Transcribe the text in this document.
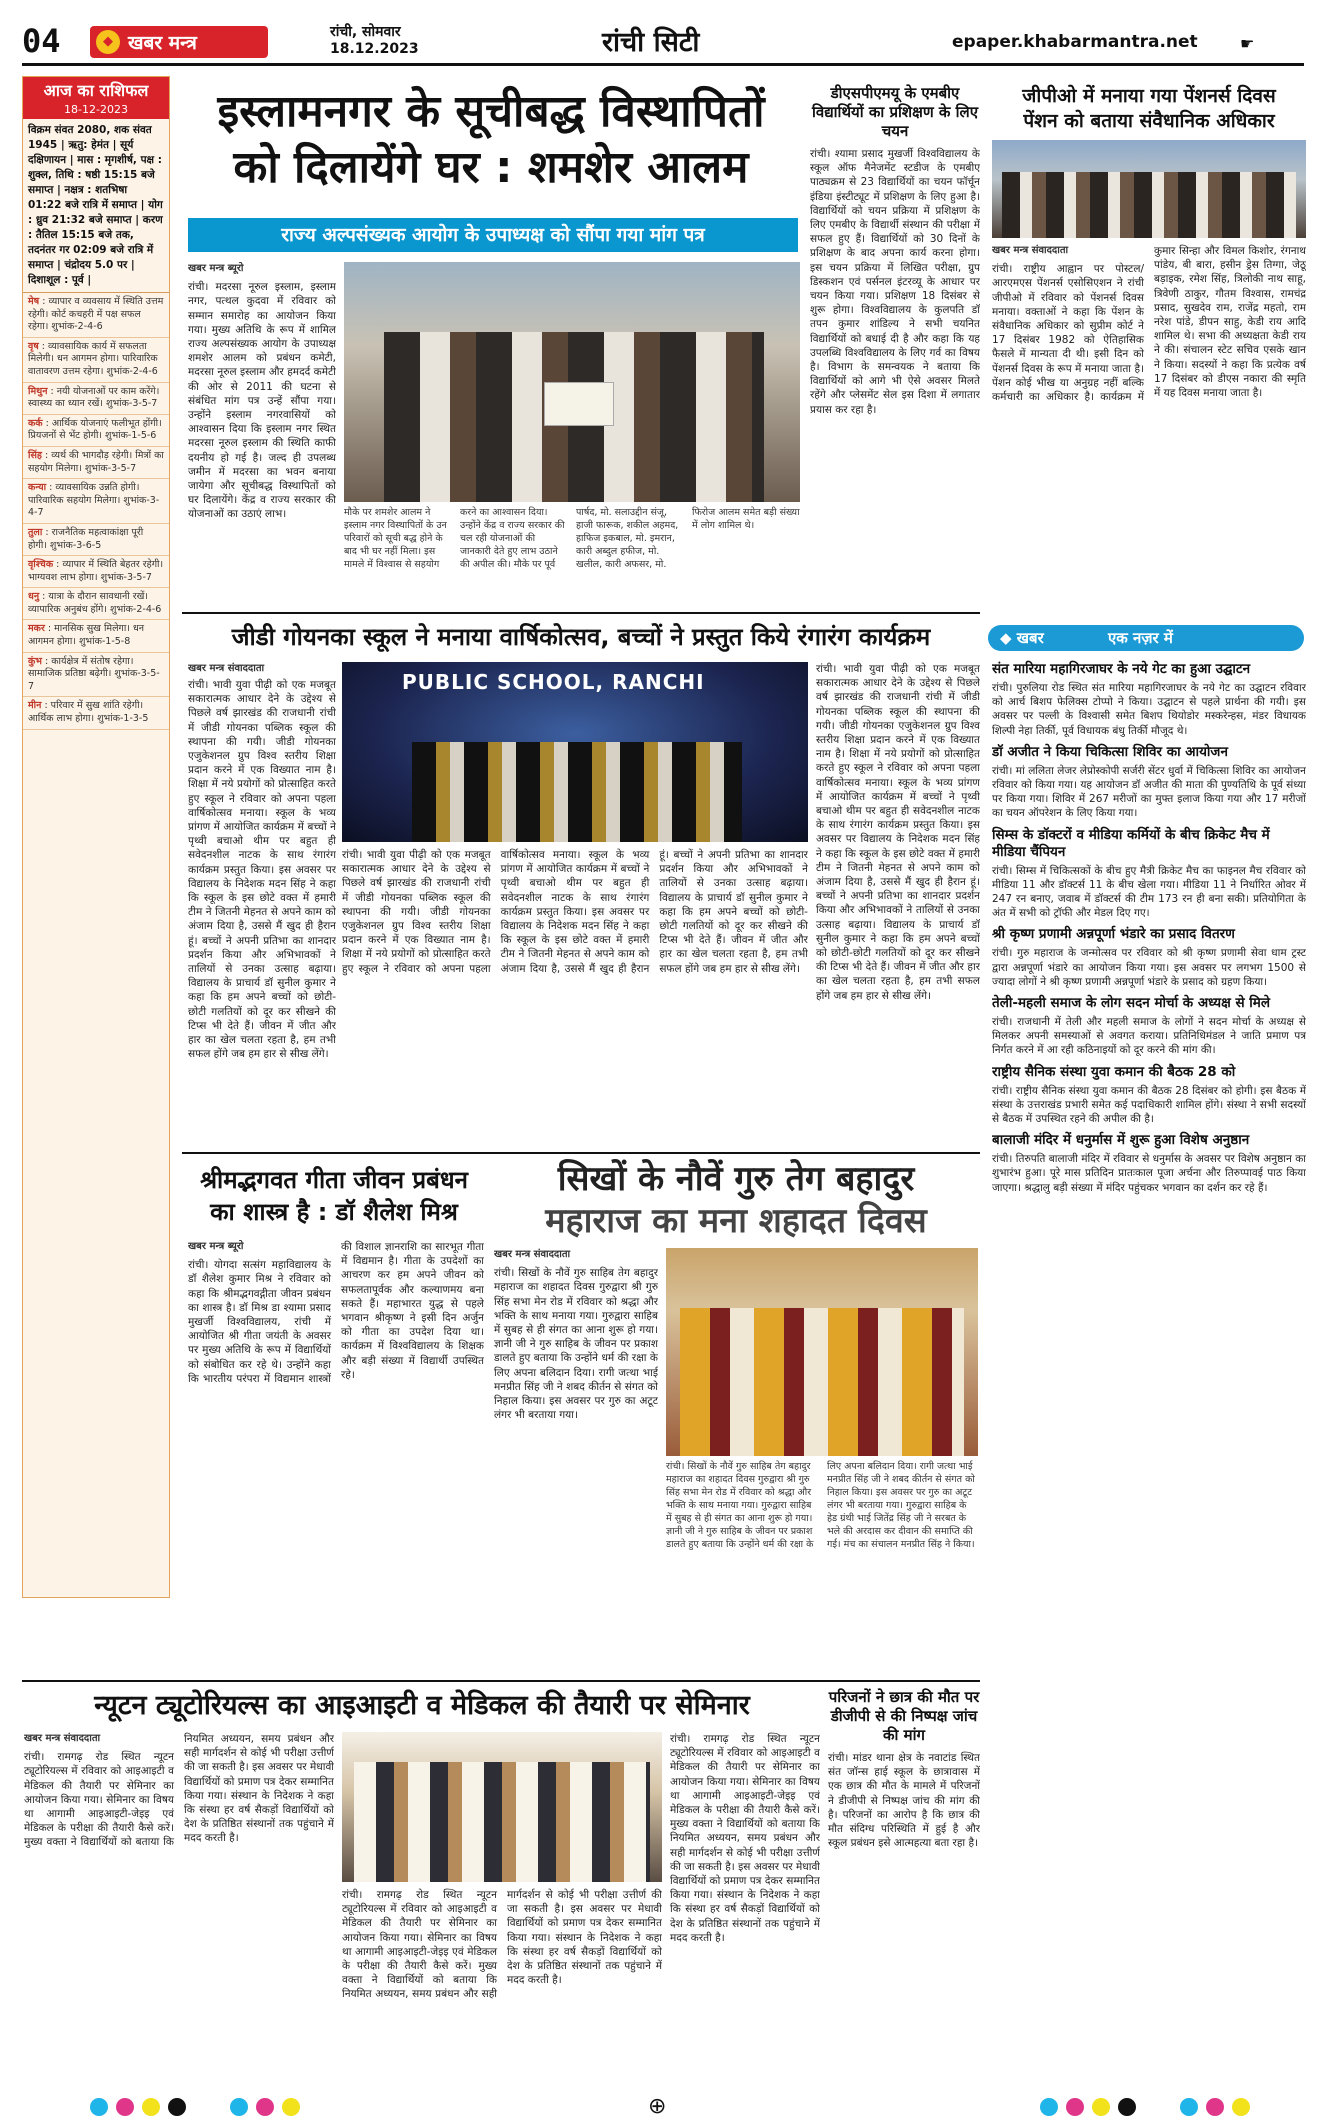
04	◆ खबर मन्त्र	रांची, सोमवार
18.12.2023	रांची सिटी	epaper.khabarmantra.net	☛
आज का राशिफल
18-12-2023
विक्रम संवत 2080, शक संवत 1945 | ऋतु: हेमंत | सूर्य दक्षिणायन | मास : मृगशीर्ष, पक्ष : शुक्ल, तिथि : षष्ठी 15:15 बजे समाप्त | नक्षत्र : शतभिषा 01:22 बजे रात्रि में समाप्त | योग : ध्रुव 21:32 बजे समाप्त | करण : तैतिल 15:15 बजे तक, तदनंतर गर 02:09 बजे रात्रि में समाप्त | चंद्रोदय 5.0 पर | दिशाशूल : पूर्व |
मेष : व्यापार व व्यवसाय में स्थिति उत्तम रहेगी। कोर्ट कचहरी में पक्ष सफल रहेगा। शुभांक-2-4-6
वृष : व्यावसायिक कार्य में सफलता मिलेगी। धन आगमन होगा। पारिवारिक वातावरण उत्तम रहेगा। शुभांक-2-4-6
मिथुन : नयी योजनाओं पर काम करेंगे। स्वास्थ्य का ध्यान रखें। शुभांक-3-5-7
कर्क : आर्थिक योजनाएं फलीभूत होंगी। प्रियजनों से भेंट होगी। शुभांक-1-5-6
सिंह : व्यर्थ की भागदौड़ रहेगी। मित्रों का सहयोग मिलेगा। शुभांक-3-5-7
कन्या : व्यावसायिक उन्नति होगी। पारिवारिक सहयोग मिलेगा। शुभांक-3-4-7
तुला : राजनैतिक महत्वाकांक्षा पूरी होगी। शुभांक-3-6-5
वृश्चिक : व्यापार में स्थिति बेहतर रहेगी। भाग्यवश लाभ होगा। शुभांक-3-5-7
धनु : यात्रा के दौरान सावधानी रखें। व्यापारिक अनुबंध होंगे। शुभांक-2-4-6
मकर : मानसिक सुख मिलेगा। धन आगमन होगा। शुभांक-1-5-8
कुंभ : कार्यक्षेत्र में संतोष रहेगा। सामाजिक प्रतिष्ठा बढ़ेगी। शुभांक-3-5-7
मीन : परिवार में सुख शांति रहेगी। आर्थिक लाभ होगा। शुभांक-1-3-5
इस्लामनगर के सूचीबद्ध विस्थापितों
को दिलायेंगे घर : शमशेर आलम
राज्य अल्पसंख्यक आयोग के उपाध्यक्ष को सौंपा गया मांग पत्र
खबर मन्त्र ब्यूरो
रांची। मदरसा नूरुल इस्लाम, इस्लाम नगर, पत्थल कुदवा में रविवार को सम्मान समारोह का आयोजन किया गया। मुख्य अतिथि के रूप में शामिल राज्य अल्पसंख्यक आयोग के उपाध्यक्ष शमशेर आलम को प्रबंधन कमेटी, मदरसा नूरुल इस्लाम और हमदर्द कमेटी की ओर से 2011 की घटना से संबंधित मांग पत्र उन्हें सौंपा गया। उन्होंने इस्लाम नगरवासियों को आश्वासन दिया कि इस्लाम नगर स्थित मदरसा नूरुल इस्लाम की स्थिति काफी दयनीय हो गई है। जल्द ही उपलब्ध जमीन में मदरसा का भवन बनाया जायेगा और सूचीबद्ध विस्थापितों को घर दिलायेंगे। केंद्र व राज्य सरकार की योजनाओं का उठाएं लाभ।	मौके पर शमशेर आलम ने इस्लाम नगर विस्थापितों के उन परिवारों को सूची बद्ध होने के बाद भी घर नहीं मिला। इस मामले में विश्वास से सहयोग करने का आश्वासन दिया। उन्होंने केंद्र व राज्य सरकार की चल रही योजनाओं की जानकारी देते हुए लाभ उठाने की अपील की। मौके पर पूर्व पार्षद, मो. सलाउद्दीन संजू, हाजी फारूक, शकील अहमद, हाफिज इकबाल, मो. इमरान, कारी अब्दुल हफीज, मो. खलील, कारी अफसर, मो. फिरोज आलम समेत बड़ी संख्या में लोग शामिल थे।
डीएसपीएमयू के एमबीए विद्यार्थियों का प्रशिक्षण के लिए चयन
रांची। श्यामा प्रसाद मुखर्जी विश्वविद्यालय के स्कूल ऑफ मैनेजमेंट स्टडीज के एमबीए पाठ्यक्रम से 23 विद्यार्थियों का चयन फॉर्चून इंडिया इंस्टीट्यूट में प्रशिक्षण के लिए हुआ है। विद्यार्थियों को चयन प्रक्रिया में प्रशिक्षण के लिए एमबीए के विद्यार्थी संस्थान की परीक्षा में सफल हुए हैं। विद्यार्थियों को 30 दिनों के प्रशिक्षण के बाद अपना कार्य करना होगा। इस चयन प्रक्रिया में लिखित परीक्षा, ग्रुप डिस्कशन एवं पर्सनल इंटरव्यू के आधार पर चयन किया गया। प्रशिक्षण 18 दिसंबर से शुरू होगा। विश्वविद्यालय के कुलपति डॉ तपन कुमार शांडिल्य ने सभी चयनित विद्यार्थियों को बधाई दी है और कहा कि यह उपलब्धि विश्वविद्यालय के लिए गर्व का विषय है। विभाग के समन्वयक ने बताया कि विद्यार्थियों को आगे भी ऐसे अवसर मिलते रहेंगे और प्लेसमेंट सेल इस दिशा में लगातार प्रयास कर रहा है।
जीपीओ में मनाया गया पेंशनर्स दिवस
पेंशन को बताया संवैधानिक अधिकार
खबर मन्त्र संवाददाता
रांची। राष्ट्रीय आह्वान पर पोस्टल/आरएमएस पेंशनर्स एसोसिएशन ने रांची जीपीओ में रविवार को पेंशनर्स दिवस मनाया। वक्ताओं ने कहा कि पेंशन के संवैधानिक अधिकार को सुप्रीम कोर्ट ने 17 दिसंबर 1982 को ऐतिहासिक फैसले में मान्यता दी थी। इसी दिन को पेंशनर्स दिवस के रूप में मनाया जाता है। पेंशन कोई भीख या अनुग्रह नहीं बल्कि कर्मचारी का अधिकार है। कार्यक्रम में कुमार सिन्हा और विमल किशोर, रंगनाथ पांडेय, बी बारा, हसीन ड्रेस तिग्गा, जेठू बड़ाइक, रमेश सिंह, त्रिलोकी नाथ साहू, त्रिवेणी ठाकुर, गौतम विश्वास, रामचंद्र प्रसाद, सुखदेव राम, राजेंद्र महतो, राम नरेश पांडे, डीपन साहु, केडी राय आदि शामिल थे। सभा की अध्यक्षता केडी राय ने की। संचालन स्टेट सचिव एसके खान ने किया। सदस्यों ने कहा कि प्रत्येक वर्ष 17 दिसंबर को डीएस नकारा की स्मृति में यह दिवस मनाया जाता है।
जीडी गोयनका स्कूल ने मनाया वार्षिकोत्सव, बच्चों ने प्रस्तुत किये रंगारंग कार्यक्रम
खबर मन्त्र संवाददाता
PUBLIC SCHOOL, RANCHI
रांची। भावी युवा पीढ़ी को एक मजबूत सकारात्मक आधार देने के उद्देश्य से पिछले वर्ष झारखंड की राजधानी रांची में जीडी गोयनका पब्लिक स्कूल की स्थापना की गयी। जीडी गोयनका एजुकेशनल ग्रुप विश्व स्तरीय शिक्षा प्रदान करने में एक विख्यात नाम है। शिक्षा में नये प्रयोगों को प्रोत्साहित करते हुए स्कूल ने रविवार को अपना पहला वार्षिकोत्सव मनाया। स्कूल के भव्य प्रांगण में आयोजित कार्यक्रम में बच्चों ने पृथ्वी बचाओ थीम पर बहुत ही सवेदनशील नाटक के साथ रंगारंग कार्यक्रम प्रस्तुत किया। इस अवसर पर विद्यालय के निदेशक मदन सिंह ने कहा कि स्कूल के इस छोटे वक्त में हमारी टीम ने जितनी मेहनत से अपने काम को अंजाम दिया है, उससे मैं खुद ही हैरान हूं। बच्चों ने अपनी प्रतिभा का शानदार प्रदर्शन किया और अभिभावकों ने तालियों से उनका उत्साह बढ़ाया। विद्यालय के प्राचार्य डॉ सुनील कुमार ने कहा कि हम अपने बच्चों को छोटी-छोटी गलतियों को दूर कर सीखने की टिप्स भी देते हैं। जीवन में जीत और हार का खेल चलता रहता है, हम तभी सफल होंगे जब हम हार से सीख लेंगे।
रांची। भावी युवा पीढ़ी को एक मजबूत सकारात्मक आधार देने के उद्देश्य से पिछले वर्ष झारखंड की राजधानी रांची में जीडी गोयनका पब्लिक स्कूल की स्थापना की गयी। जीडी गोयनका एजुकेशनल ग्रुप विश्व स्तरीय शिक्षा प्रदान करने में एक विख्यात नाम है। शिक्षा में नये प्रयोगों को प्रोत्साहित करते हुए स्कूल ने रविवार को अपना पहला वार्षिकोत्सव मनाया। स्कूल के भव्य प्रांगण में आयोजित कार्यक्रम में बच्चों ने पृथ्वी बचाओ थीम पर बहुत ही सवेदनशील नाटक के साथ रंगारंग कार्यक्रम प्रस्तुत किया। इस अवसर पर विद्यालय के निदेशक मदन सिंह ने कहा कि स्कूल के इस छोटे वक्त में हमारी टीम ने जितनी मेहनत से अपने काम को अंजाम दिया है, उससे मैं खुद ही हैरान हूं। बच्चों ने अपनी प्रतिभा का शानदार प्रदर्शन किया और अभिभावकों ने तालियों से उनका उत्साह बढ़ाया। विद्यालय के प्राचार्य डॉ सुनील कुमार ने कहा कि हम अपने बच्चों को छोटी-छोटी गलतियों को दूर कर सीखने की टिप्स भी देते हैं। जीवन में जीत और हार का खेल चलता रहता है, हम तभी सफल होंगे जब हम हार से सीख लेंगे।
रांची। भावी युवा पीढ़ी को एक मजबूत सकारात्मक आधार देने के उद्देश्य से पिछले वर्ष झारखंड की राजधानी रांची में जीडी गोयनका पब्लिक स्कूल की स्थापना की गयी। जीडी गोयनका एजुकेशनल ग्रुप विश्व स्तरीय शिक्षा प्रदान करने में एक विख्यात नाम है। शिक्षा में नये प्रयोगों को प्रोत्साहित करते हुए स्कूल ने रविवार को अपना पहला वार्षिकोत्सव मनाया। स्कूल के भव्य प्रांगण में आयोजित कार्यक्रम में बच्चों ने पृथ्वी बचाओ थीम पर बहुत ही सवेदनशील नाटक के साथ रंगारंग कार्यक्रम प्रस्तुत किया। इस अवसर पर विद्यालय के निदेशक मदन सिंह ने कहा कि स्कूल के इस छोटे वक्त में हमारी टीम ने जितनी मेहनत से अपने काम को अंजाम दिया है, उससे मैं खुद ही हैरान हूं। बच्चों ने अपनी प्रतिभा का शानदार प्रदर्शन किया और अभिभावकों ने तालियों से उनका उत्साह बढ़ाया। विद्यालय के प्राचार्य डॉ सुनील कुमार ने कहा कि हम अपने बच्चों को छोटी-छोटी गलतियों को दूर कर सीखने की टिप्स भी देते हैं। जीवन में जीत और हार का खेल चलता रहता है, हम तभी सफल होंगे जब हम हार से सीख लेंगे।
श्रीमद्भगवत गीता जीवन प्रबंधन
का शास्त्र है : डॉ शैलेश मिश्र
खबर मन्त्र ब्यूरो
रांची। योगदा सत्संग महाविद्यालय के डॉ शैलेश कुमार मिश्र ने रविवार को कहा कि श्रीमद्भगवद्गीता जीवन प्रबंधन का शास्त्र है। डॉ मिश्र डा श्यामा प्रसाद मुखर्जी विश्वविद्यालय, रांची में आयोजित श्री गीता जयंती के अवसर पर मुख्य अतिथि के रूप में विद्यार्थियों को संबोधित कर रहे थे। उन्होंने कहा कि भारतीय परंपरा में विद्यमान शास्त्रों की विशाल ज्ञानराशि का सारभूत गीता में विद्यमान है। गीता के उपदेशों का आचरण कर हम अपने जीवन को सफलतापूर्वक और कल्याणमय बना सकते हैं। महाभारत युद्ध से पहले भगवान श्रीकृष्ण ने इसी दिन अर्जुन को गीता का उपदेश दिया था। कार्यक्रम में विश्वविद्यालय के शिक्षक और बड़ी संख्या में विद्यार्थी उपस्थित रहे।
सिखों के नौवें गुरु तेग बहादुर
महाराज का मना शहादत दिवस
खबर मन्त्र संवाददाता
रांची। सिखों के नौवें गुरु साहिब तेग बहादुर महाराज का शहादत दिवस गुरुद्वारा श्री गुरु सिंह सभा मेन रोड में रविवार को श्रद्धा और भक्ति के साथ मनाया गया। गुरुद्वारा साहिब में सुबह से ही संगत का आना शुरू हो गया। ज्ञानी जी ने गुरु साहिब के जीवन पर प्रकाश डालते हुए बताया कि उन्होंने धर्म की रक्षा के लिए अपना बलिदान दिया। रागी जत्था भाई मनप्रीत सिंह जी ने शबद कीर्तन से संगत को निहाल किया। इस अवसर पर गुरु का अटूट लंगर भी बरताया गया।
रांची। सिखों के नौवें गुरु साहिब तेग बहादुर महाराज का शहादत दिवस गुरुद्वारा श्री गुरु सिंह सभा मेन रोड में रविवार को श्रद्धा और भक्ति के साथ मनाया गया। गुरुद्वारा साहिब में सुबह से ही संगत का आना शुरू हो गया। ज्ञानी जी ने गुरु साहिब के जीवन पर प्रकाश डालते हुए बताया कि उन्होंने धर्म की रक्षा के लिए अपना बलिदान दिया। रागी जत्था भाई मनप्रीत सिंह जी ने शबद कीर्तन से संगत को निहाल किया। इस अवसर पर गुरु का अटूट लंगर भी बरताया गया। गुरुद्वारा साहिब के हेड ग्रंथी भाई जितेंद्र सिंह जी ने सरबत के भले की अरदास कर दीवान की समाप्ति की गई। मंच का संचालन मनप्रीत सिंह ने किया।
न्यूटन ट्यूटोरियल्स का आइआइटी व मेडिकल की तैयारी पर सेमिनार
खबर मन्त्र संवाददाता
रांची। रामगढ़ रोड स्थित न्यूटन ट्यूटोरियल्स में रविवार को आइआइटी व मेडिकल की तैयारी पर सेमिनार का आयोजन किया गया। सेमिनार का विषय था आगामी आइआइटी-जेइइ एवं मेडिकल के परीक्षा की तैयारी कैसे करें। मुख्य वक्ता ने विद्यार्थियों को बताया कि नियमित अध्ययन, समय प्रबंधन और सही मार्गदर्शन से कोई भी परीक्षा उत्तीर्ण की जा सकती है। इस अवसर पर मेधावी विद्यार्थियों को प्रमाण पत्र देकर सम्मानित किया गया। संस्थान के निदेशक ने कहा कि संस्था हर वर्ष सैकड़ों विद्यार्थियों को देश के प्रतिष्ठित संस्थानों तक पहुंचाने में मदद करती है।
रांची। रामगढ़ रोड स्थित न्यूटन ट्यूटोरियल्स में रविवार को आइआइटी व मेडिकल की तैयारी पर सेमिनार का आयोजन किया गया। सेमिनार का विषय था आगामी आइआइटी-जेइइ एवं मेडिकल के परीक्षा की तैयारी कैसे करें। मुख्य वक्ता ने विद्यार्थियों को बताया कि नियमित अध्ययन, समय प्रबंधन और सही मार्गदर्शन से कोई भी परीक्षा उत्तीर्ण की जा सकती है। इस अवसर पर मेधावी विद्यार्थियों को प्रमाण पत्र देकर सम्मानित किया गया। संस्थान के निदेशक ने कहा कि संस्था हर वर्ष सैकड़ों विद्यार्थियों को देश के प्रतिष्ठित संस्थानों तक पहुंचाने में मदद करती है।
रांची। रामगढ़ रोड स्थित न्यूटन ट्यूटोरियल्स में रविवार को आइआइटी व मेडिकल की तैयारी पर सेमिनार का आयोजन किया गया। सेमिनार का विषय था आगामी आइआइटी-जेइइ एवं मेडिकल के परीक्षा की तैयारी कैसे करें। मुख्य वक्ता ने विद्यार्थियों को बताया कि नियमित अध्ययन, समय प्रबंधन और सही मार्गदर्शन से कोई भी परीक्षा उत्तीर्ण की जा सकती है। इस अवसर पर मेधावी विद्यार्थियों को प्रमाण पत्र देकर सम्मानित किया गया। संस्थान के निदेशक ने कहा कि संस्था हर वर्ष सैकड़ों विद्यार्थियों को देश के प्रतिष्ठित संस्थानों तक पहुंचाने में मदद करती है।
परिजनों ने छात्र की मौत पर डीजीपी से की निष्पक्ष जांच की मांग
रांची। मांडर थाना क्षेत्र के नवाटांड स्थित संत जॉन्स हाई स्कूल के छात्रावास में एक छात्र की मौत के मामले में परिजनों ने डीजीपी से निष्पक्ष जांच की मांग की है। परिजनों का आरोप है कि छात्र की मौत संदिग्ध परिस्थिति में हुई है और स्कूल प्रबंधन इसे आत्महत्या बता रहा है।
◆ खबर	एक नज़र में
संत मारिया महागिरजाघर के नये गेट का हुआ उद्घाटन
रांची। पुरुलिया रोड स्थित संत मारिया महागिरजाघर के नये गेट का उद्घाटन रविवार को आर्च बिशप फेलिक्स टोप्पो ने किया। उद्घाटन से पहले प्रार्थना की गयी। इस अवसर पर पल्ली के विश्वासी समेत बिशप थियोडोर मस्करेन्हस, मंडर विधायक शिल्पी नेहा तिर्की, पूर्व विधायक बंधु तिर्की मौजूद थे।
डॉ अजीत ने किया चिकित्सा शिविर का आयोजन
रांची। मां ललिता लेजर लेप्रोस्कोपी सर्जरी सेंटर धुर्वा में चिकित्सा शिविर का आयोजन रविवार को किया गया। यह आयोजन डॉ अजीत की माता की पुण्यतिथि के पूर्व संध्या पर किया गया। शिविर में 267 मरीजों का मुफ्त इलाज किया गया और 17 मरीजों का चयन ऑपरेशन के लिए किया गया।
सिम्स के डॉक्टरों व मीडिया कर्मियों के बीच क्रिकेट मैच में मीडिया चैंपियन
रांची। सिम्स में चिकित्सकों के बीच हुए मैत्री क्रिकेट मैच का फाइनल मैच रविवार को मीडिया 11 और डॉक्टर्स 11 के बीच खेला गया। मीडिया 11 ने निर्धारित ओवर में 247 रन बनाए, जवाब में डॉक्टर्स की टीम 173 रन ही बना सकी। प्रतियोगिता के अंत में सभी को ट्रॉफी और मेडल दिए गए।
श्री कृष्ण प्रणामी अन्नपूर्णा भंडारे का प्रसाद वितरण
रांची। गुरु महाराज के जन्मोत्सव पर रविवार को श्री कृष्ण प्रणामी सेवा धाम ट्रस्ट द्वारा अन्नपूर्णा भंडारे का आयोजन किया गया। इस अवसर पर लगभग 1500 से ज्यादा लोगों ने श्री कृष्ण प्रणामी अन्नपूर्णा भंडारे के प्रसाद को ग्रहण किया।
तेली-महली समाज के लोग सदन मोर्चा के अध्यक्ष से मिले
रांची। राजधानी में तेली और महली समाज के लोगों ने सदन मोर्चा के अध्यक्ष से मिलकर अपनी समस्याओं से अवगत कराया। प्रतिनिधिमंडल ने जाति प्रमाण पत्र निर्गत करने में आ रही कठिनाइयों को दूर करने की मांग की।
राष्ट्रीय सैनिक संस्था युवा कमान की बैठक 28 को
रांची। राष्ट्रीय सैनिक संस्था युवा कमान की बैठक 28 दिसंबर को होगी। इस बैठक में संस्था के उत्तराखंड प्रभारी समेत कई पदाधिकारी शामिल होंगे। संस्था ने सभी सदस्यों से बैठक में उपस्थित रहने की अपील की है।
बालाजी मंदिर में धनुर्मास में शुरू हुआ विशेष अनुष्ठान
रांची। तिरुपति बालाजी मंदिर में रविवार से धनुर्मास के अवसर पर विशेष अनुष्ठान का शुभारंभ हुआ। पूरे मास प्रतिदिन प्रातःकाल पूजा अर्चना और तिरुप्पावई पाठ किया जाएगा। श्रद्धालु बड़ी संख्या में मंदिर पहुंचकर भगवान का दर्शन कर रहे हैं।
⊕
